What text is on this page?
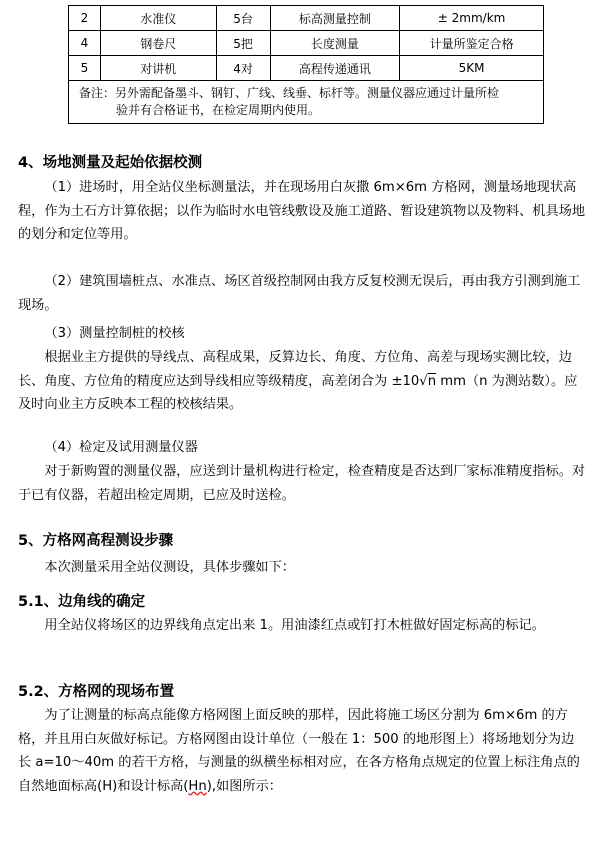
2	水准仪	5台	标高测量控制	± 2mm/km
4	钢卷尺	5把	长度测量	计量所鉴定合格
5	对讲机	4对	高程传递通讯	5KM

备注：另外需配备墨斗、钢钉、广线、线垂、标杆等。测量仪器应通过计量所检
验并有合格证书，在检定周期内使用。				
4、场地测量及起始依据校测
（1）进场时，用全站仪坐标测量法，并在现场用白灰撒 6m×6m 方格网，测量场地现状高程，作为土石方计算依据；以作为临时水电管线敷设及施工道路、暂设建筑物以及物料、机具场地的划分和定位等用。
（2）建筑围墙桩点、水准点、场区首级控制网由我方反复校测无误后，再由我方引测到施工现场。
（3）测量控制桩的校核
根据业主方提供的导线点、高程成果，反算边长、角度、方位角、高差与现场实测比较，边长、角度、方位角的精度应达到导线相应等级精度，高差闭合为 ±10√n mm（n 为测站数）。应及时向业主方反映本工程的校核结果。
（4）检定及试用测量仪器
对于新购置的测量仪器，应送到计量机构进行检定，检查精度是否达到厂家标准精度指标。对于已有仪器，若超出检定周期，已应及时送检。
5、方格网高程测设步骤
本次测量采用全站仪测设，具体步骤如下：
5.1、边角线的确定
用全站仪将场区的边界线角点定出来 1。用油漆红点或钉打木桩做好固定标高的标记。
5.2、方格网的现场布置
为了让测量的标高点能像方格网图上面反映的那样，因此将施工场区分割为 6m×6m 的方格，并且用白灰做好标记。方格网图由设计单位（一般在 1：500 的地形图上）将场地划分为边长 a=10～40m 的若干方格，与测量的纵横坐标相对应，在各方格角点规定的位置上标注角点的自然地面标高(H)和设计标高(Hn),如图所示：
